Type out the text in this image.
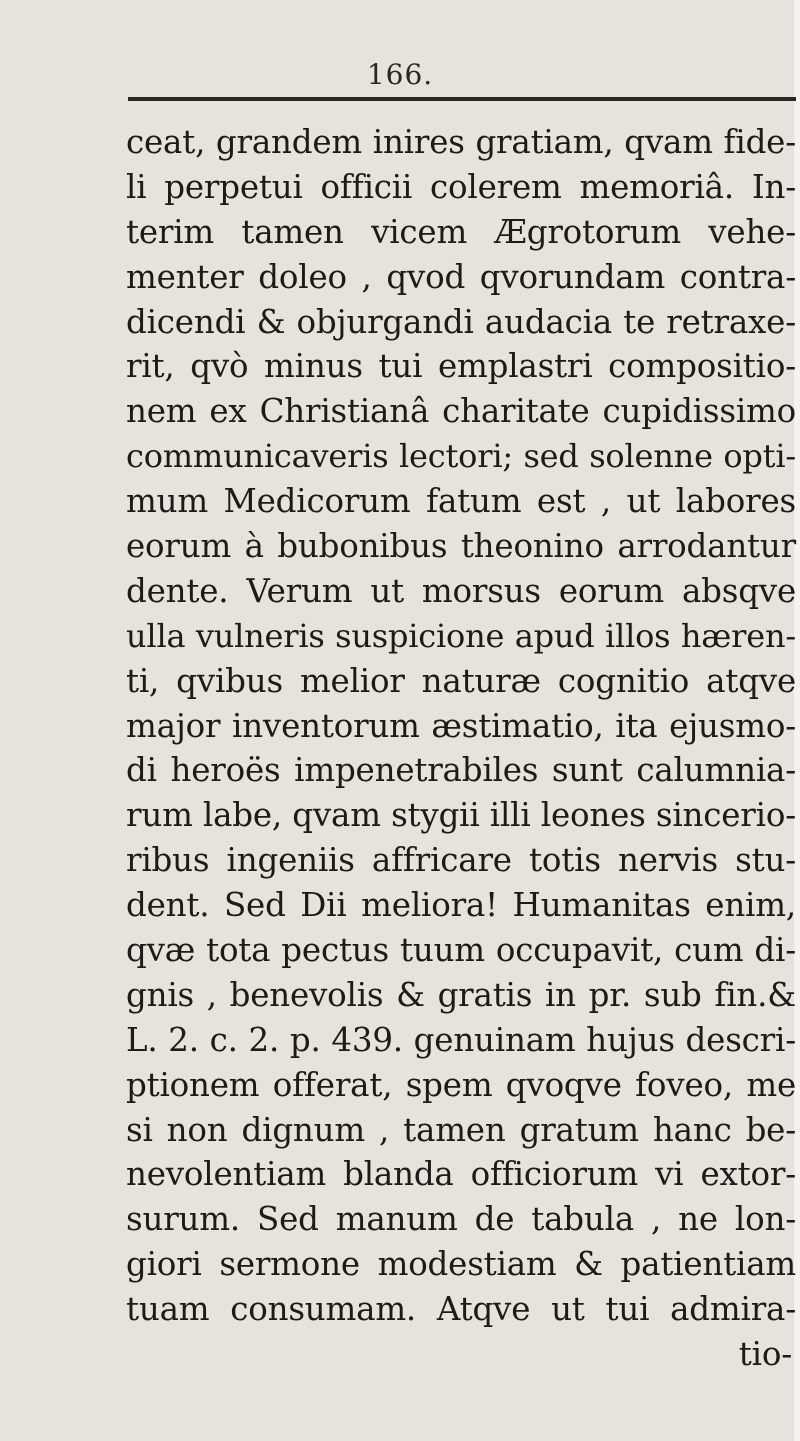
166.
ceat, grandem inires gratiam, qvam fide-
li perpetui officii colerem memoriâ. In-
terim tamen vicem Ægrotorum vehe-
menter doleo , qvod qvorundam contra-
dicendi & objurgandi audacia te retraxe-
rit, qvò minus tui emplastri compositio-
nem ex Christianâ charitate cupidissimo
communicaveris lectori; sed solenne opti-
mum Medicorum fatum est , ut labores
eorum à bubonibus theonino arrodantur
dente. Verum ut morsus eorum absqve
ulla vulneris suspicione apud illos hæren-
ti, qvibus melior naturæ cognitio atqve
major inventorum æstimatio, ita ejusmo-
di heroës impenetrabiles sunt calumnia-
rum labe, qvam stygii illi leones sincerio-
ribus ingeniis affricare totis nervis stu-
dent. Sed Dii meliora! Humanitas enim,
qvæ tota pectus tuum occupavit, cum di-
gnis , benevolis & gratis in pr. sub fin.&
L. 2. c. 2. p. 439. genuinam hujus descri-
ptionem offerat, spem qvoqve foveo, me
si non dignum , tamen gratum hanc be-
nevolentiam blanda officiorum vi extor-
surum. Sed manum de tabula , ne lon-
giori sermone modestiam & patientiam
tuam consumam. Atqve ut tui admira-
tio-
